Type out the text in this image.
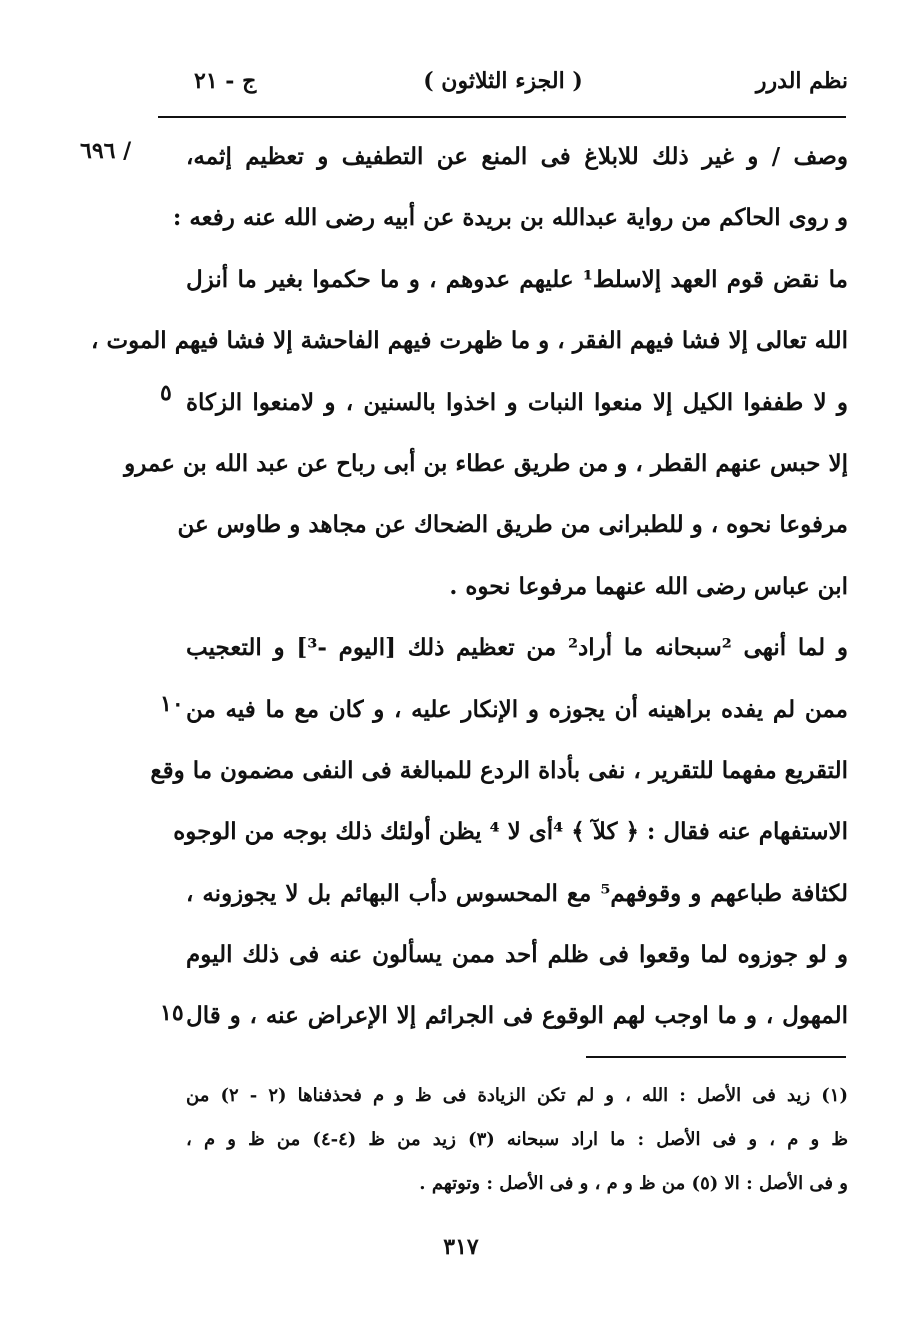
نظم الدرر
( الجزء الثلاثون )
ج - ٢١
٦٩٦ / وصف / و غير ذلك للابلاغ فى المنع عن التطفيف و تعظيم إثمه،
و روى الحاكم من رواية عبدالله بن بريدة عن أبيه رضى الله عنه رفعه :
ما نقض قوم العهد إلاسلط¹ عليهم عدوهم ، و ما حكموا بغير ما أنزل
الله تعالى إلا فشا فيهم الفقر ، و ما ظهرت فيهم الفاحشة إلا فشا فيهم الموت ،
و لا طففوا الكيل إلا منعوا النبات و اخذوا بالسنين ، و لامنعوا الزكاة
إلا حبس عنهم القطر ، و من طريق عطاء بن أبى رباح عن عبد الله بن عمرو
مرفوعا نحوه ، و للطبرانى من طريق الضحاك عن مجاهد و طاوس عن
ابن عباس رضى الله عنهما مرفوعا نحوه .
و لما أنهى ²سبحانه ما أراد² من تعظيم ذلك [اليوم -³] و التعجيب
ممن لم يفده براهينه أن يجوزه و الإنكار عليه ، و كان مع ما فيه من
التقريع مفهما للتقرير ، نفى بأداة الردع للمبالغة فى النفى مضمون ما وقع
الاستفهام عنه فقال : ﴿ كلآ ﴾ ⁴أى لا ⁴ يظن أولئك ذلك بوجه من الوجوه
لكثافة طباعهم و وقوفهم⁵ مع المحسوس دأب البهائم بل لا يجوزونه ،
و لو جوزوه لما وقعوا فى ظلم أحد ممن يسألون عنه فى ذلك اليوم
المهول ، و ما اوجب لهم الوقوع فى الجرائم إلا الإعراض عنه ، و قال
٥
١٠
١٥
(١) زيد فى الأصل : الله ، و لم تكن الزيادة فى ظ و م فحذفناها (٢ - ٢) من
ظ و م ، و فى الأصل : ما اراد سبحانه (٣) زيد من ظ (٤-٤) من ظ و م ،
و فى الأصل : الا (٥) من ظ و م ، و فى الأصل : وتوتهم .
٣١٧
